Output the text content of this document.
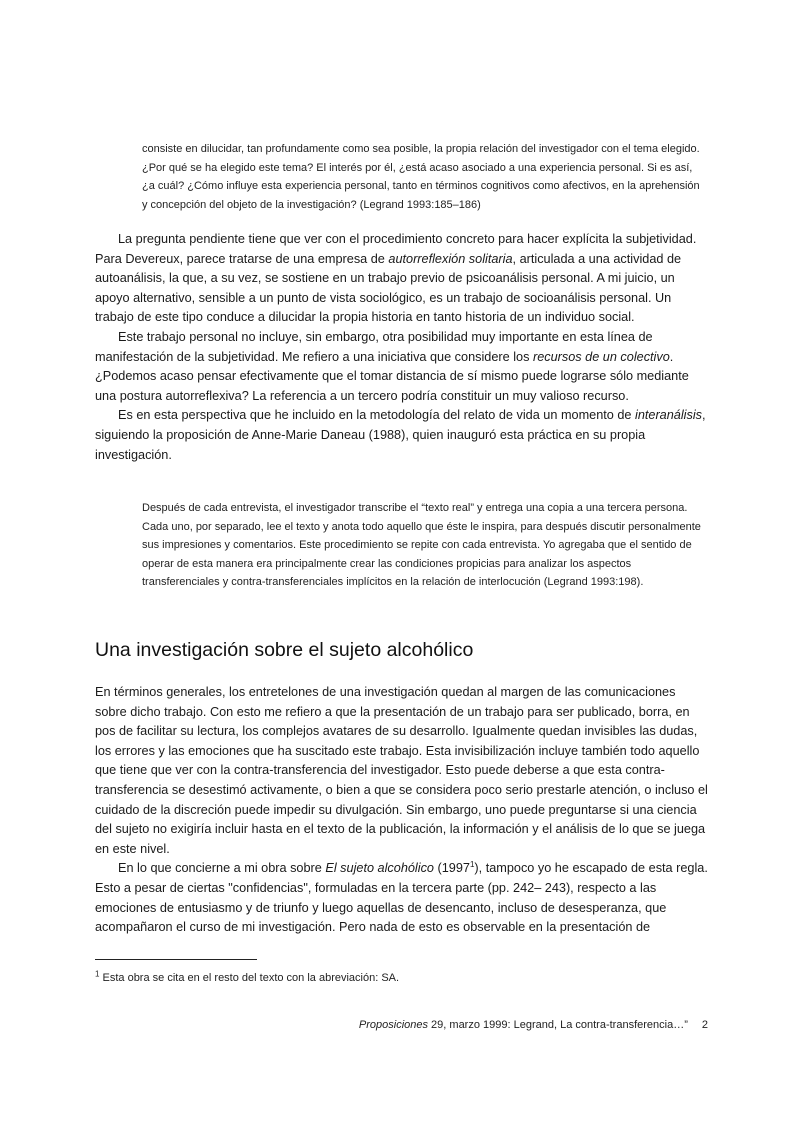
consiste en dilucidar, tan profundamente como sea posible, la propia relación del investigador con el tema elegido. ¿Por qué se ha elegido este tema? El interés por él, ¿está acaso asociado a una experiencia personal. Si es así, ¿a cuál? ¿Cómo influye esta experiencia personal, tanto en términos cognitivos como afectivos, en la aprehensión y concepción del objeto de la investigación? (Legrand 1993:185–186)

La pregunta pendiente tiene que ver con el procedimiento concreto para hacer explícita la subjetividad. Para Devereux, parece tratarse de una empresa de autorreflexión solitaria, articulada a una actividad de autoanálisis, la que, a su vez, se sostiene en un trabajo previo de psicoanálisis personal. A mi juicio, un apoyo alternativo, sensible a un punto de vista sociológico, es un trabajo de socioanálisis personal. Un trabajo de este tipo conduce a dilucidar la propia historia en tanto historia de un individuo social.

Este trabajo personal no incluye, sin embargo, otra posibilidad muy importante en esta línea de manifestación de la subjetividad. Me refiero a una iniciativa que considere los recursos de un colectivo. ¿Podemos acaso pensar efectivamente que el tomar distancia de sí mismo puede lograrse sólo mediante una postura autorreflexiva? La referencia a un tercero podría constituir un muy valioso recurso.

Es en esta perspectiva que he incluido en la metodología del relato de vida un momento de interanálisis, siguiendo la proposición de Anne-Marie Daneau (1988), quien inauguró esta práctica en su propia investigación.

Después de cada entrevista, el investigador transcribe el “texto real” y entrega una copia a una tercera persona. Cada uno, por separado, lee el texto y anota todo aquello que éste le inspira, para después discutir personalmente sus impresiones y comentarios. Este procedimiento se repite con cada entrevista. Yo agregaba que el sentido de operar de esta manera era principalmente crear las condiciones propicias para analizar los aspectos transferenciales y contra-transferenciales implícitos en la relación de interlocución (Legrand 1993:198).
Una investigación sobre el sujeto alcohólico

En términos generales, los entretelones de una investigación quedan al margen de las comunicaciones sobre dicho trabajo. Con esto me refiero a que la presentación de un trabajo para ser publicado, borra, en pos de facilitar su lectura, los complejos avatares de su desarrollo. Igualmente quedan invisibles las dudas, los errores y las emociones que ha suscitado este trabajo. Esta invisibilización incluye también todo aquello que tiene que ver con la contra-transferencia del investigador. Esto puede deberse a que esta contra-transferencia se desestimó activamente, o bien a que se considera poco serio prestarle atención, o incluso el cuidado de la discreción puede impedir su divulgación. Sin embargo, uno puede preguntarse si una ciencia del sujeto no exigiría incluir hasta en el texto de la publicación, la información y el análisis de lo que se juega en este nivel.

En lo que concierne a mi obra sobre El sujeto alcohólico (1997$^1$), tampoco yo he escapado de esta regla. Esto a pesar de ciertas "confidencias", formuladas en la tercera parte (pp. 242– 243), respecto a las emociones de entusiasmo y de triunfo y luego aquellas de desencanto, incluso de desesperanza, que acompañaron el curso de mi investigación. Pero nada de esto es observable en la presentación de

$^1$ Esta obra se cita en el resto del texto con la abreviación: SA.
Proposiciones 29, marzo 1999: Legrand, La contra-transferencia…” 2
